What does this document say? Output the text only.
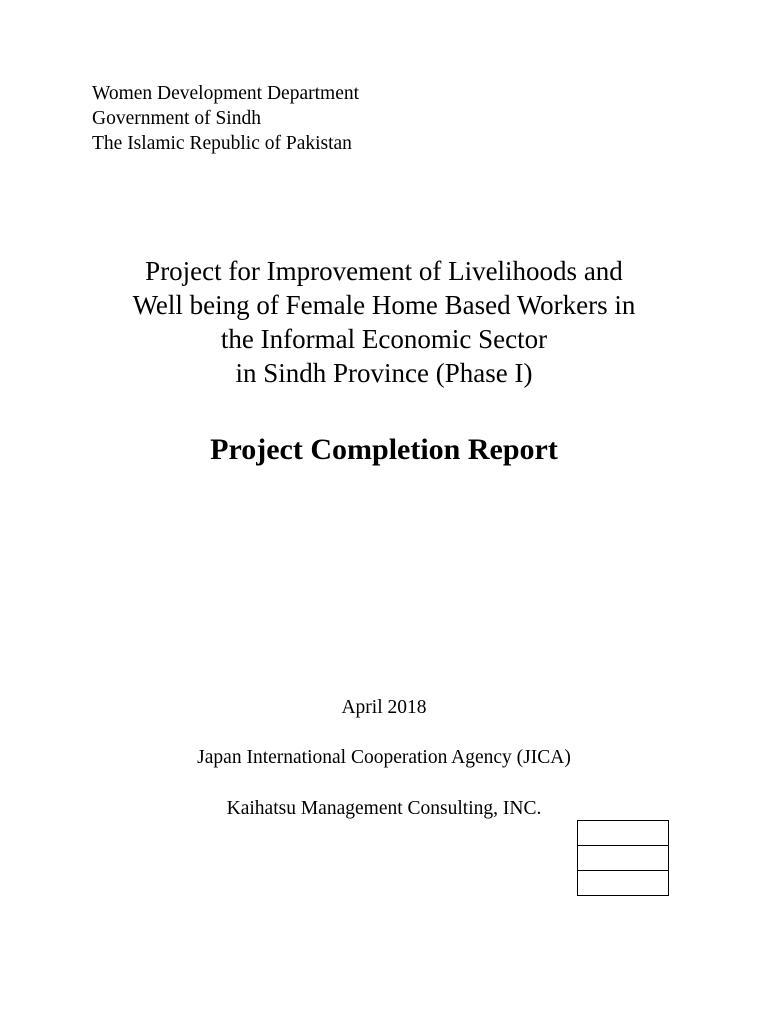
Women Development Department
Government of Sindh
The Islamic Republic of Pakistan
Project for Improvement of Livelihoods and
Well being of Female Home Based Workers in
the Informal Economic Sector
in Sindh Province (Phase I)
Project Completion Report
April 2018
Japan International Cooperation Agency (JICA)
Kaihatsu Management Consulting, INC.
